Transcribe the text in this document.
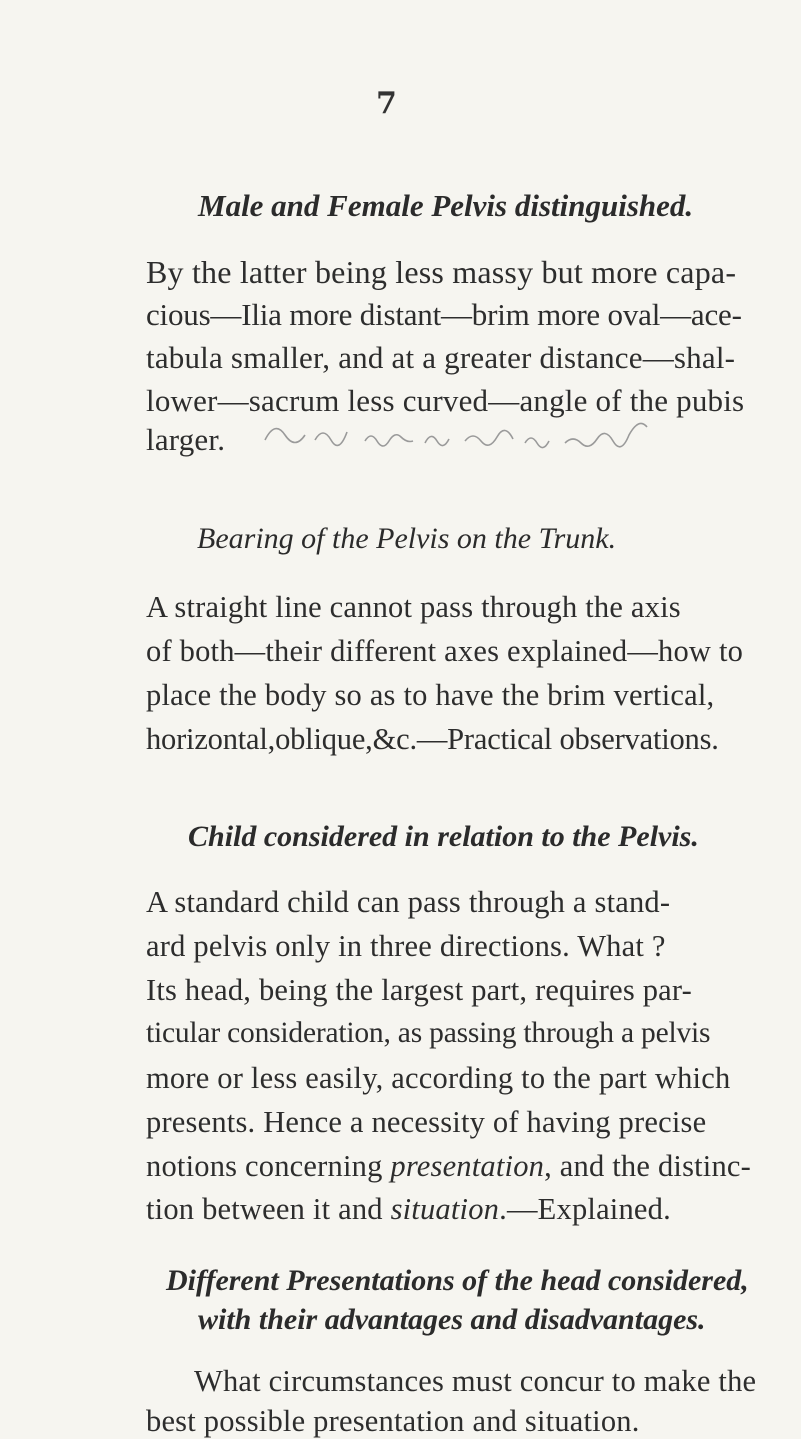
7
Male and Female Pelvis distinguished.
By the latter being less massy but more capa-
cious—Ilia more distant—brim more oval—ace-
tabula smaller, and at a greater distance—shal-
lower—sacrum less curved—angle of the pubis
larger.
Bearing of the Pelvis on the Trunk.
A straight line cannot pass through the axis
of both—their different axes explained—how to
place the body so as to have the brim vertical,
horizontal,oblique,&c.—Practical observations.
Child considered in relation to the Pelvis.
A standard child can pass through a stand-
ard pelvis only in three directions. What ?
Its head, being the largest part, requires par-
ticular consideration, as passing through a pelvis
more or less easily, according to the part which
presents. Hence a necessity of having precise
notions concerning presentation, and the distinc-
tion between it and situation.—Explained.
Different Presentations of the head considered,
with their advantages and disadvantages.
What circumstances must concur to make the
best possible presentation and situation.
